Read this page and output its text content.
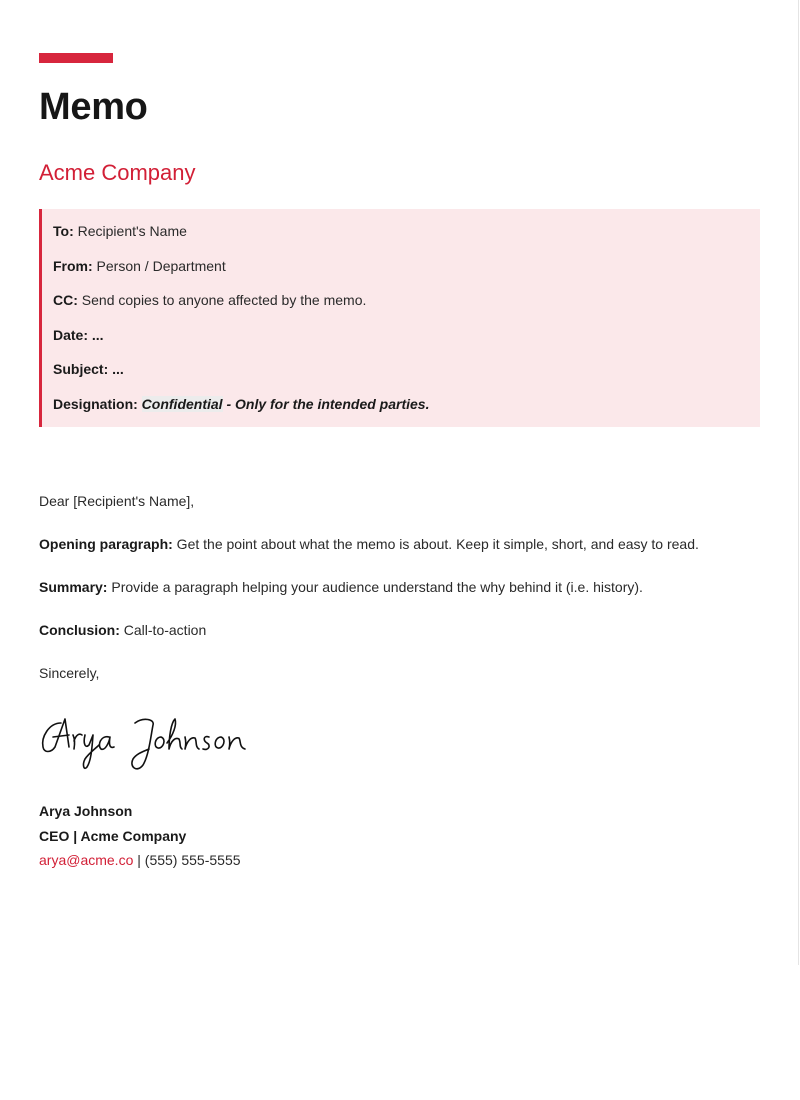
Memo
Acme Company
To: Recipient's Name
From: Person / Department
CC: Send copies to anyone affected by the memo.
Date: ...
Subject: ...
Designation: Confidential - Only for the intended parties.
Dear [Recipient's Name],
Opening paragraph: Get the point about what the memo is about. Keep it simple, short, and easy to read.
Summary: Provide a paragraph helping your audience understand the why behind it (i.e. history).
Conclusion: Call-to-action
Sincerely,
Arya Johnson
CEO | Acme Company
arya@acme.co | (555) 555-5555
